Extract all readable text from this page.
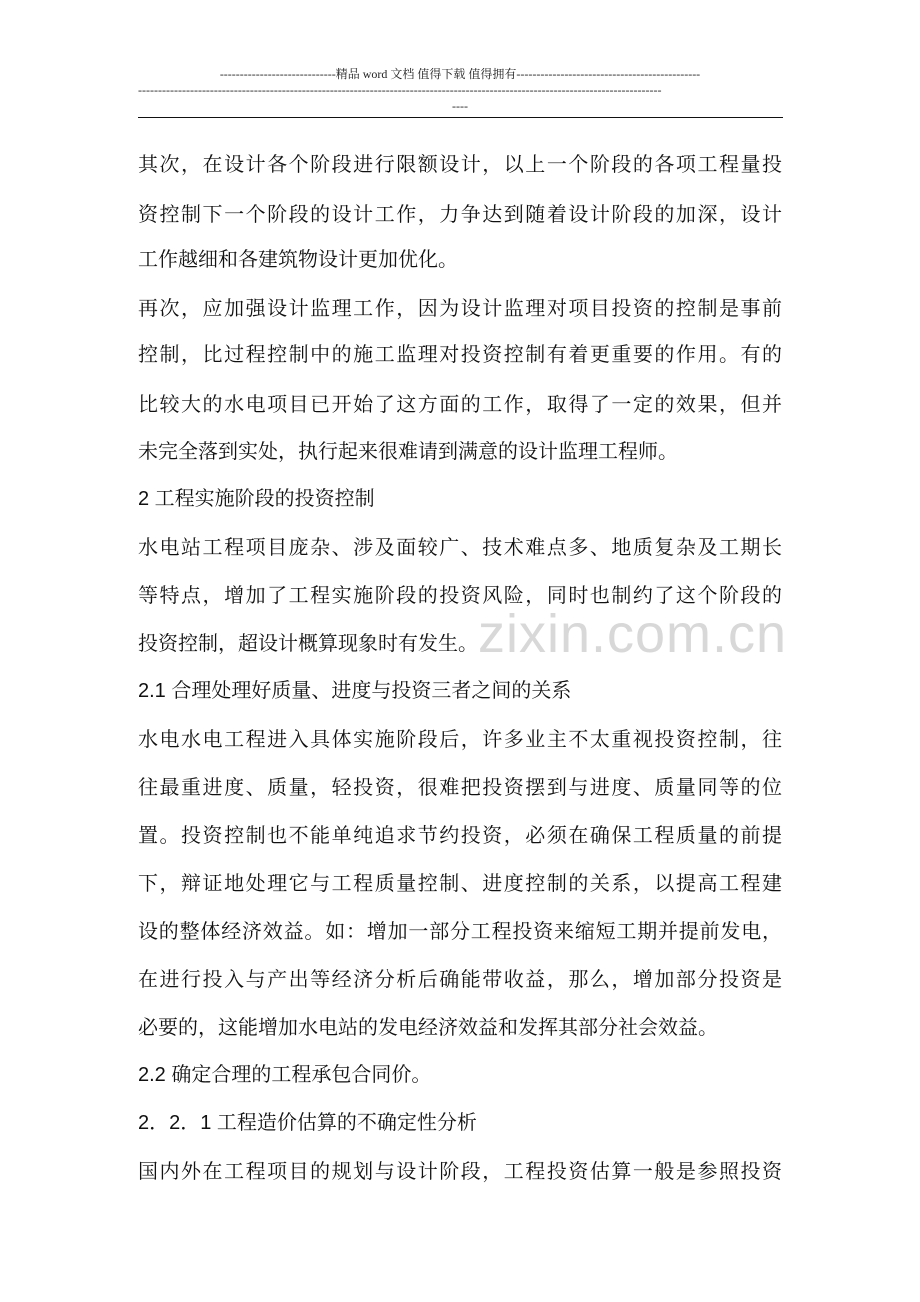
-----------------------------精品 word 文档 值得下载 值得拥有----------------------------------------------
-----------------------------------------------------------------------------------------------------------------------------------
----
zixin.com.cn
其次，在设计各个阶段进行限额设计，以上一个阶段的各项工程量投
资控制下一个阶段的设计工作，力争达到随着设计阶段的加深，设计
工作越细和各建筑物设计更加优化。
再次，应加强设计监理工作，因为设计监理对项目投资的控制是事前
控制，比过程控制中的施工监理对投资控制有着更重要的作用。有的
比较大的水电项目已开始了这方面的工作，取得了一定的效果，但并
未完全落到实处，执行起来很难请到满意的设计监理工程师。
2 工程实施阶段的投资控制
水电站工程项目庞杂、涉及面较广、技术难点多、地质复杂及工期长
等特点，增加了工程实施阶段的投资风险，同时也制约了这个阶段的
投资控制，超设计概算现象时有发生。
2.1 合理处理好质量、进度与投资三者之间的关系
水电水电工程进入具体实施阶段后，许多业主不太重视投资控制，往
往最重进度、质量，轻投资，很难把投资摆到与进度、质量同等的位
置。投资控制也不能单纯追求节约投资，必须在确保工程质量的前提
下，辩证地处理它与工程质量控制、进度控制的关系，以提高工程建
设的整体经济效益。如：增加一部分工程投资来缩短工期并提前发电，
在进行投入与产出等经济分析后确能带收益，那么，增加部分投资是
必要的，这能增加水电站的发电经济效益和发挥其部分社会效益。
2.2 确定合理的工程承包合同价。
2．2．1 工程造价估算的不确定性分析
国内外在工程项目的规划与设计阶段，工程投资估算一般是参照投资
